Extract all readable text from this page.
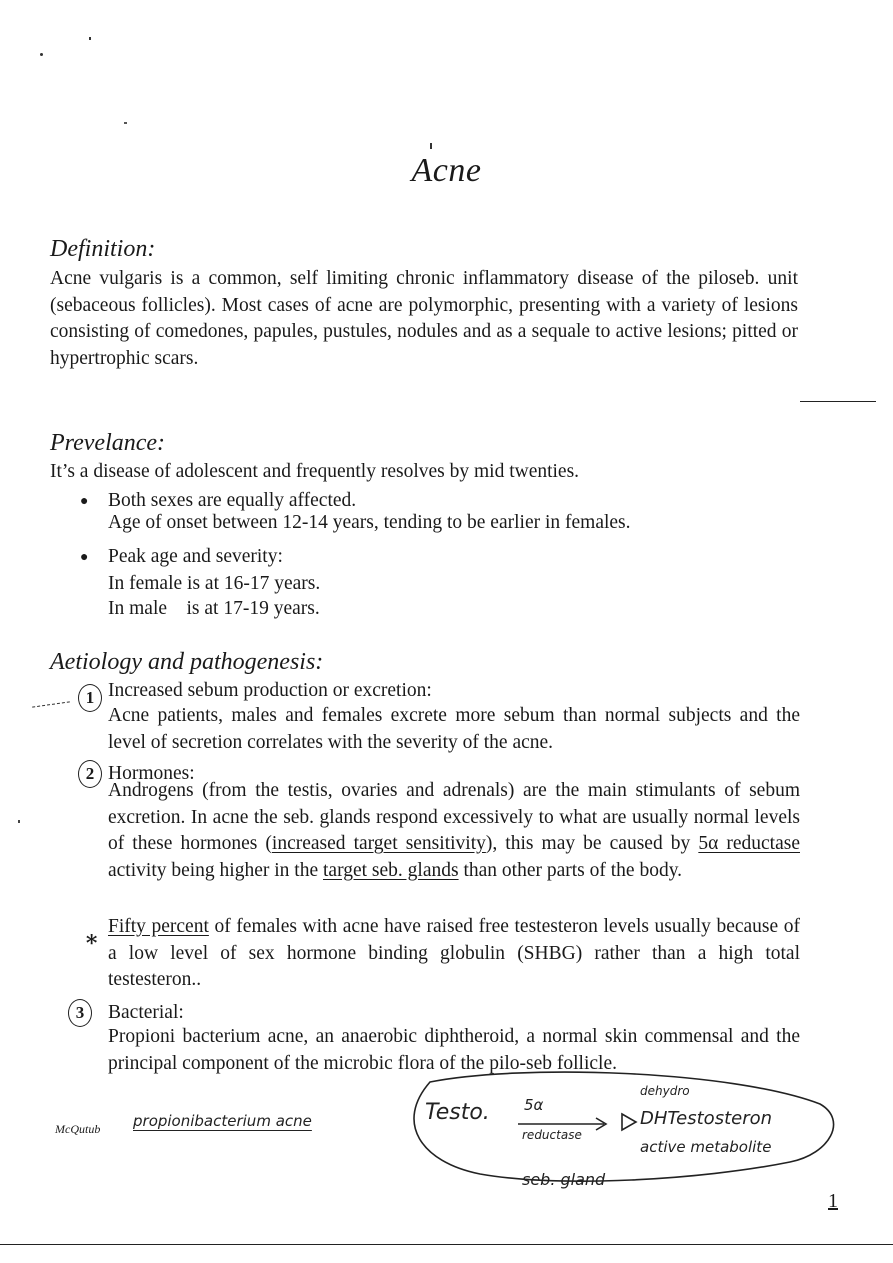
Acne
Definition:
Acne vulgaris is a common, self limiting chronic inflammatory disease of the piloseb. unit (sebaceous follicles). Most cases of acne are polymorphic, presenting with a variety of lesions consisting of comedones, papules, pustules, nodules and as a sequale to active lesions; pitted or hypertrophic scars.
Prevelance:
It’s a disease of adolescent and frequently resolves by mid twenties.
● Both sexes are equally affected.
Age of onset between 12-14 years, tending to be earlier in females.
● Peak age and severity:
In female is at 16-17 years.
In male    is at 17-19 years.
Aetiology and pathogenesis:
1 Increased sebum production or excretion:
Acne patients, males and females excrete more sebum than normal subjects and the level of secretion correlates with the severity of the acne.
2 Hormones:
Androgens (from the testis, ovaries and adrenals) are the main stimulants of sebum excretion. In acne the seb. glands respond excessively to what are usually normal levels of these hormones (increased target sensitivity), this may be caused by 5α reductase activity being higher in the target seb. glands than other parts of the body.
∗ Fifty percent of females with acne have raised free testesteron levels usually because of a low level of sex hormone binding globulin (SHBG) rather than a high total testesteron..
3	Bacterial:
Propioni bacterium acne, an anaerobic diphtheroid, a normal skin commensal and the principal component of the microbic flora of the pilo-seb follicle.
McQutub propionibacterium acne	Testo. 5α
reductase
dehydro
DHTestosteron
active metabolite
seb. gland
1
